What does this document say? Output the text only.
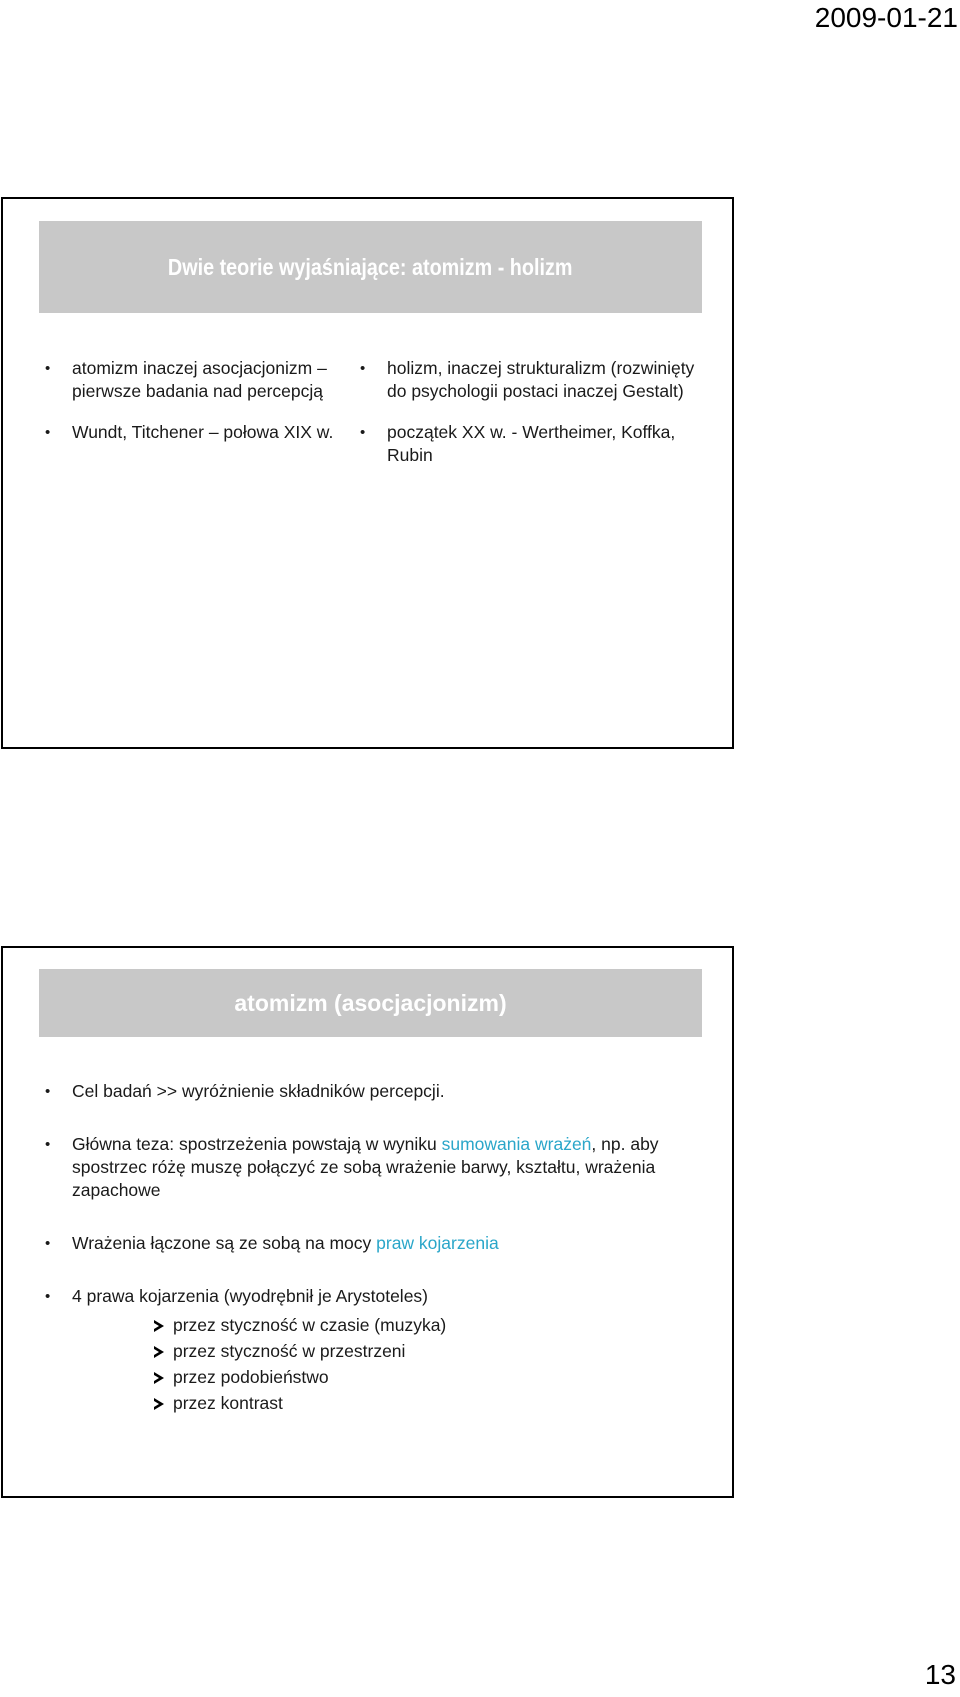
2009-01-21
Dwie teorie wyjaśniające: atomizm - holizm
• atomizm inaczej asocjacjonizm – pierwsze badania nad percepcją
• Wundt, Titchener – połowa XIX w.
• holizm, inaczej strukturalizm (rozwinięty do psychologii postaci inaczej Gestalt)
• początek XX w. - Wertheimer, Koffka, Rubin
atomizm (asocjacjonizm)
• Cel badań >> wyróżnienie składników percepcji.
• Główna teza: spostrzeżenia powstają w wyniku sumowania wrażeń, np. aby spostrzec różę muszę połączyć ze sobą wrażenie barwy, kształtu, wrażenia zapachowe
• Wrażenia łączone są ze sobą na mocy praw kojarzenia
• 4 prawa kojarzenia (wyodrębnił je Arystoteles)
przez styczność w czasie (muzyka)
przez styczność w przestrzeni
przez podobieństwo
przez kontrast
13
